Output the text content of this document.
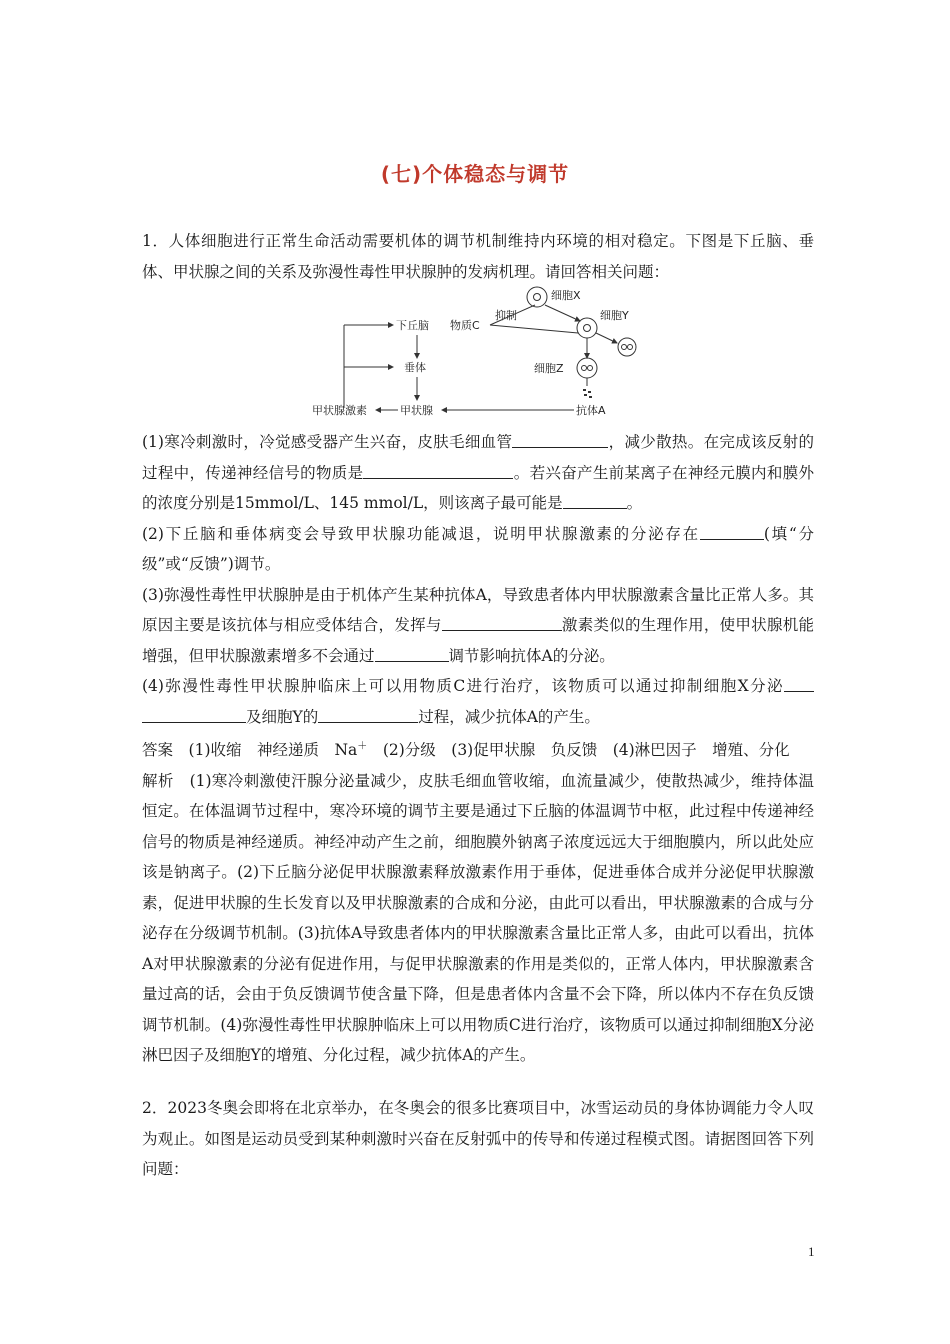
(七)个体稳态与调节

1．人体细胞进行正常生命活动需要机体的调节机制维持内环境的相对稳定。下图是下丘脑、垂体、甲状腺之间的关系及弥漫性毒性甲状腺肿的发病机理。请回答相关问题：

下丘脑
垂体
甲状腺激素	甲状腺
物质C
抑制
细胞X
细胞Y
细胞Z
抗体A

(1)寒冷刺激时，冷觉感受器产生兴奋，皮肤毛细血管	，减少散热。在完成该反射的过程中，传递神经信号的物质是	。若兴奋产生前某离子在神经元膜内和膜外的浓度分别是15mmol/L、145 mmol/L，则该离子最可能是	。

(2)下丘脑和垂体病变会导致甲状腺功能减退，说明甲状腺激素的分泌存在	(填“分级”或“反馈”)调节。

(3)弥漫性毒性甲状腺肿是由于机体产生某种抗体A，导致患者体内甲状腺激素含量比正常人多。其原因主要是该抗体与相应受体结合，发挥与	激素类似的生理作用，使甲状腺机能增强，但甲状腺激素增多不会通过	调节影响抗体A的分泌。

(4)弥漫性毒性甲状腺肿临床上可以用物质C进行治疗，该物质可以通过抑制细胞X分泌及细胞Y的	过程，减少抗体A的产生。

答案　 (1)收缩　神经递质　Na＋　 (2)分级　(3)促甲状腺　负反馈　(4)淋巴因子　增殖、分化

解析　 (1)寒冷刺激使汗腺分泌量减少，皮肤毛细血管收缩，血流量减少，使散热减少，维持体温恒定。在体温调节过程中，寒冷环境的调节主要是通过下丘脑的体温调节中枢，此过程中传递神经信号的物质是神经递质。神经冲动产生之前，细胞膜外钠离子浓度远远大于细胞膜内，所以此处应该是钠离子。(2)下丘脑分泌促甲状腺激素释放激素作用于垂体，促进垂体合成并分泌促甲状腺激素，促进甲状腺的生长发育以及甲状腺激素的合成和分泌，由此可以看出，甲状腺激素的合成与分泌存在分级调节机制。(3)抗体A导致患者体内的甲状腺激素含量比正常人多，由此可以看出，抗体A对甲状腺激素的分泌有促进作用，与促甲状腺激素的作用是类似的，正常人体内，甲状腺激素含量过高的话，会由于负反馈调节使含量下降，但是患者体内含量不会下降，所以体内不存在负反馈调节机制。(4)弥漫性毒性甲状腺肿临床上可以用物质C进行治疗，该物质可以通过抑制细胞X分泌淋巴因子及细胞Y的增殖、分化过程，减少抗体A的产生。

2．2023冬奥会即将在北京举办，在冬奥会的很多比赛项目中，冰雪运动员的身体协调能力令人叹为观止。如图是运动员受到某种刺激时兴奋在反射弧中的传导和传递过程模式图。请据图回答下列问题：

1
